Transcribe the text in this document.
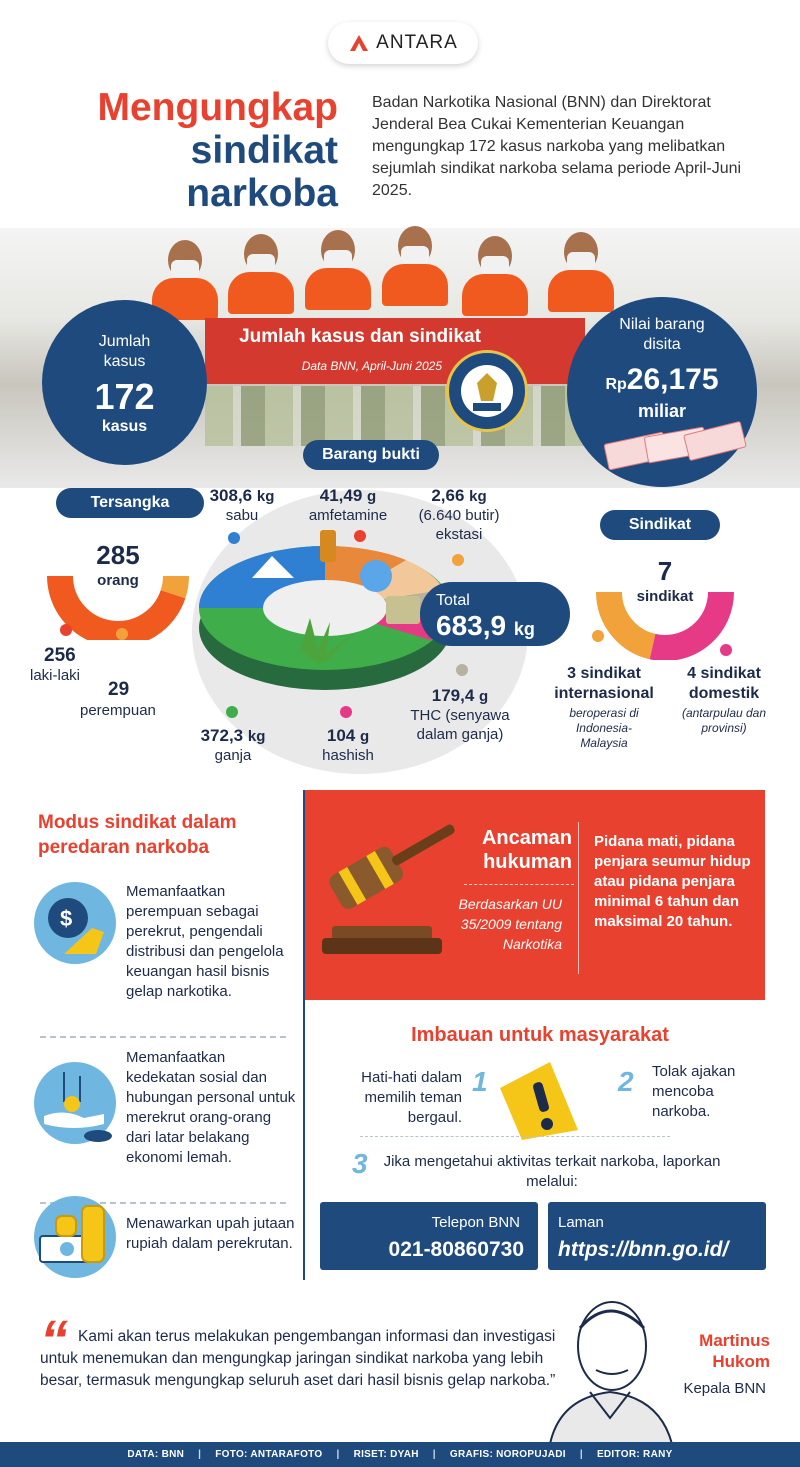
ANTARA
Mengungkap
sindikat
narkoba
Badan Narkotika Nasional (BNN) dan Direktorat Jenderal Bea Cukai Kementerian Keuangan mengungkap 172 kasus narkoba yang melibatkan sejumlah sindikat narkoba selama periode April-Juni 2025.
Jumlah kasus dan sindikat
Data BNN, April-Juni 2025
Jumlah kasus
172
kasus
Nilai barang disita
Rp26,175
miliar
Barang bukti
Tersangka
Sindikat
285
orang
256
laki-laki
29
perempuan
308,6 kg
sabu
41,49 g
amfetamine
2,66 kg
(6.640 butir) ekstasi
179,4 g
THC (senyawa dalam ganja)
104 g
hashish
372,3 kg
ganja
Total
683,9 kg
7
sindikat
3 sindikat internasional
beroperasi di Indonesia-Malaysia
4 sindikat domestik
(antarpulau dan provinsi)
Modus sindikat dalam peredaran narkoba
$
Memanfaatkan perempuan sebagai perekrut, pengendali distribusi dan pengelola keuangan hasil bisnis gelap narkotika.
Memanfaatkan kedekatan sosial dan hubungan personal untuk merekrut orang-orang dari latar belakang ekonomi lemah.
Menawarkan upah jutaan rupiah dalam perekrutan.
Ancaman hukuman
Berdasarkan UU 35/2009 tentang Narkotika
Pidana mati, pidana penjara seumur hidup atau pidana penjara minimal 6 tahun dan maksimal 20 tahun.
Imbauan untuk masyarakat
1
Hati-hati dalam memilih teman bergaul.
2 Tolak ajakan mencoba narkoba.
3 Jika mengetahui aktivitas terkait narkoba, laporkan melalui:
Telepon BNN
021-80860730
Laman
https://bnn.go.id/
“ Kami akan terus melakukan pengembangan informasi dan investigasi untuk menemukan dan mengungkap jaringan sindikat narkoba yang lebih besar, termasuk mengungkap seluruh aset dari hasil bisnis gelap narkoba.”
Martinus Hukom
Kepala BNN
DATA: BNN | FOTO: ANTARAFOTO | RISET: DYAH | GRAFIS: NOROPUJADI | EDITOR: RANY
